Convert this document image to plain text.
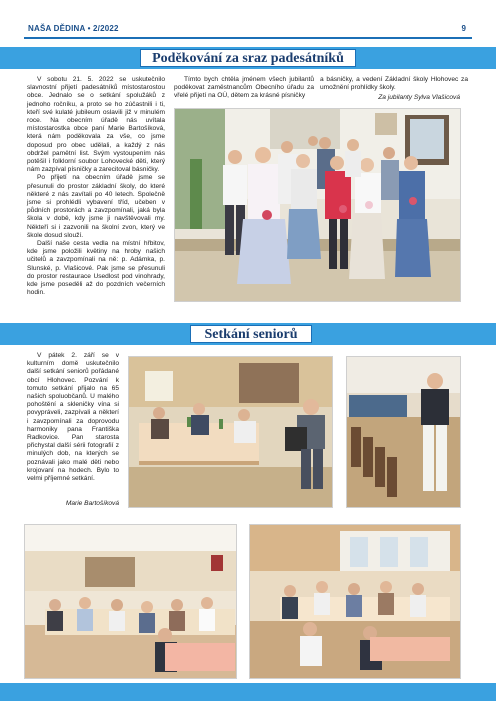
NAŠA DĚDINA • 2/2022	9
Poděkování za sraz padesátníků

V sobotu 21. 5. 2022 se uskutečnilo slavnostní přijetí padesátníků místostarostou obce. Jednalo se o setkání spolužáků z jednoho ročníku, a proto se ho zúčastnili i ti, kteří své kulaté jubileum oslavili již v minulém roce. Na obecním úřadě nás uvítala místostarostka obce paní Marie Bartošíková, která nám poděkovala za vše, co jsme doposud pro obec udělali, a každý z nás obdržel pamětní list. Svým vystoupením nás potěšil i folklorní soubor Lohovecké děti, který nám zazpíval písničky a zarecitoval básničky.

Po přijetí na obecním úřadě jsme se přesunuli do prostor základní školy, do které některé z nás zavítali po 40 letech. Společně jsme si prohlédli vybavení tříd, učeben v půdních prostorách a zavzpomínali, jaká byla škola v době, kdy jsme ji navštěvovali my. Někteří si i zazvonili na školní zvon, který ve škole dosud slouží.

Další naše cesta vedla na místní hřbitov, kde jsme položili květiny na hroby našich učitelů a zavzpomínali na ně: p. Adámka, p. Slunské, p. Vlašicové. Pak jsme se přesunuli do prostor restaurace Usedlost pod vinohrady, kde jsme poseděli až do pozdních večerních hodin.

Tímto bych chtěla jménem všech jubilantů poděkovat zaměstnancům Obecního úřadu za vřelé přijetí na OÚ, dětem za krásné písničky

a básničky, a vedení Základní školy Hlohovec za umožnění prohlídky školy.

Za jubilanty Sylva Vlašicová
Setkání seniorů

V pátek 2. září se v kulturním domě uskutečnilo další setkání seniorů pořádané obcí Hlohovec. Pozvání k tomuto setkání přijalo na 65 našich spoluobčanů. U malého pohoštění a skleničky vína si povypráveli, zazpívali a některí i zavzpomínali za doprovodu harmoniky pana Františka Radkovice. Pan starosta přichystal další sérii fotografií z minulých dob, na kterých se poznávali jako malé děti nebo krojovaní na hodech. Bylo to velmi příjemné setkání.

Marie Bartošíková
